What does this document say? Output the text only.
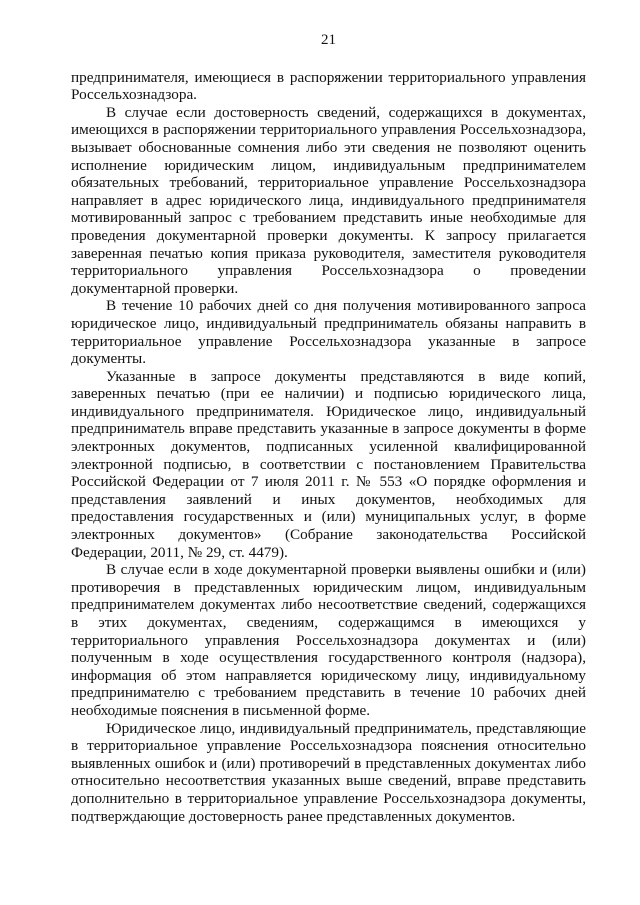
21

предпринимателя, имеющиеся в распоряжении территориального управления Россельхознадзора.

В случае если достоверность сведений, содержащихся в документах, имеющихся в распоряжении территориального управления Россельхознадзора, вызывает обоснованные сомнения либо эти сведения не позволяют оценить исполнение юридическим лицом, индивидуальным предпринимателем обязательных требований, территориальное управление Россельхознадзора направляет в адрес юридического лица, индивидуального предпринимателя мотивированный запрос с требованием представить иные необходимые для проведения документарной проверки документы. К запросу прилагается заверенная печатью копия приказа руководителя, заместителя руководителя территориального управления Россельхознадзора о проведении документарной проверки.

В течение 10 рабочих дней со дня получения мотивированного запроса юридическое лицо, индивидуальный предприниматель обязаны направить в территориальное управление Россельхознадзора указанные в запросе документы.

Указанные в запросе документы представляются в виде копий, заверенных печатью (при ее наличии) и подписью юридического лица, индивидуального предпринимателя. Юридическое лицо, индивидуальный предприниматель вправе представить указанные в запросе документы в форме электронных документов, подписанных усиленной квалифицированной электронной подписью, в соответствии с постановлением Правительства Российской Федерации от 7 июля 2011 г. № 553 «О порядке оформления и представления заявлений и иных документов, необходимых для предоставления государственных и (или) муниципальных услуг, в форме электронных документов» (Собрание законодательства Российской Федерации, 2011, № 29, ст. 4479).

В случае если в ходе документарной проверки выявлены ошибки и (или) противоречия в представленных юридическим лицом, индивидуальным предпринимателем документах либо несоответствие сведений, содержащихся в этих документах, сведениям, содержащимся в имеющихся у территориального управления Россельхознадзора документах и (или) полученным в ходе осуществления государственного контроля (надзора), информация об этом направляется юридическому лицу, индивидуальному предпринимателю с требованием представить в течение 10 рабочих дней необходимые пояснения в письменной форме.

Юридическое лицо, индивидуальный предприниматель, представляющие в территориальное управление Россельхознадзора пояснения относительно выявленных ошибок и (или) противоречий в представленных документах либо относительно несоответствия указанных выше сведений, вправе представить дополнительно в территориальное управление Россельхознадзора документы, подтверждающие достоверность ранее представленных документов.
